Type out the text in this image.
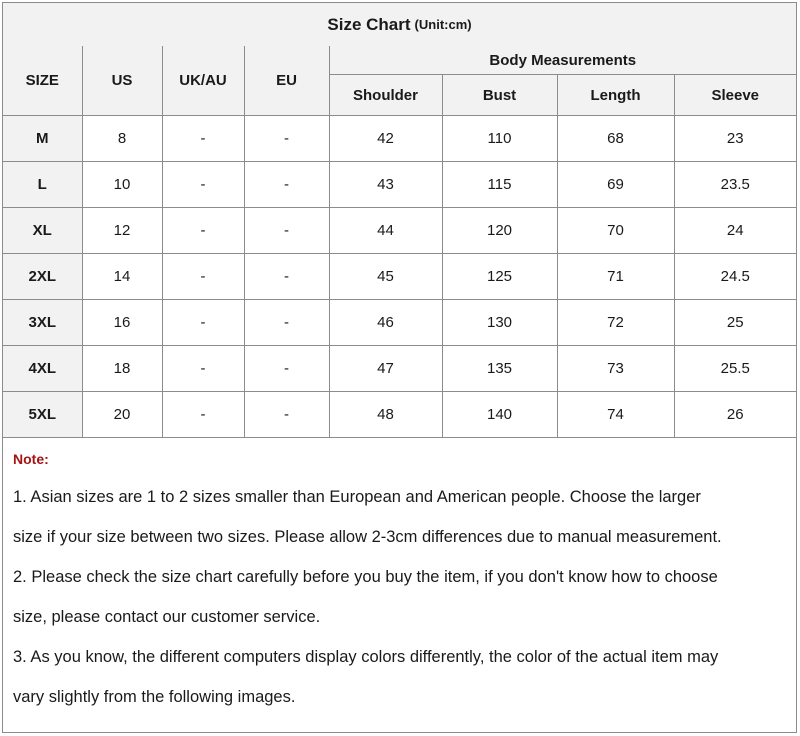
Size Chart (Unit:cm)
SIZE	US	UK/AU	EU	Body Measurements			
				Shoulder	Bust	Length	Sleeve
M	8	-	-	42	110	68	23
L	10	-	-	43	115	69	23.5
XL	12	-	-	44	120	70	24
2XL	14	-	-	45	125	71	24.5
3XL	16	-	-	46	130	72	25
4XL	18	-	-	47	135	73	25.5
5XL	20	-	-	48	140	74	26
Note:
1. Asian sizes are 1 to 2 sizes smaller than European and American people. Choose the larger
size if your size between two sizes. Please allow 2-3cm differences due to manual measurement.
2. Please check the size chart carefully before you buy the item, if you don't know how to choose
size, please contact our customer service.
3. As you know, the different computers display colors differently, the color of the actual item may
vary slightly from the following images.
